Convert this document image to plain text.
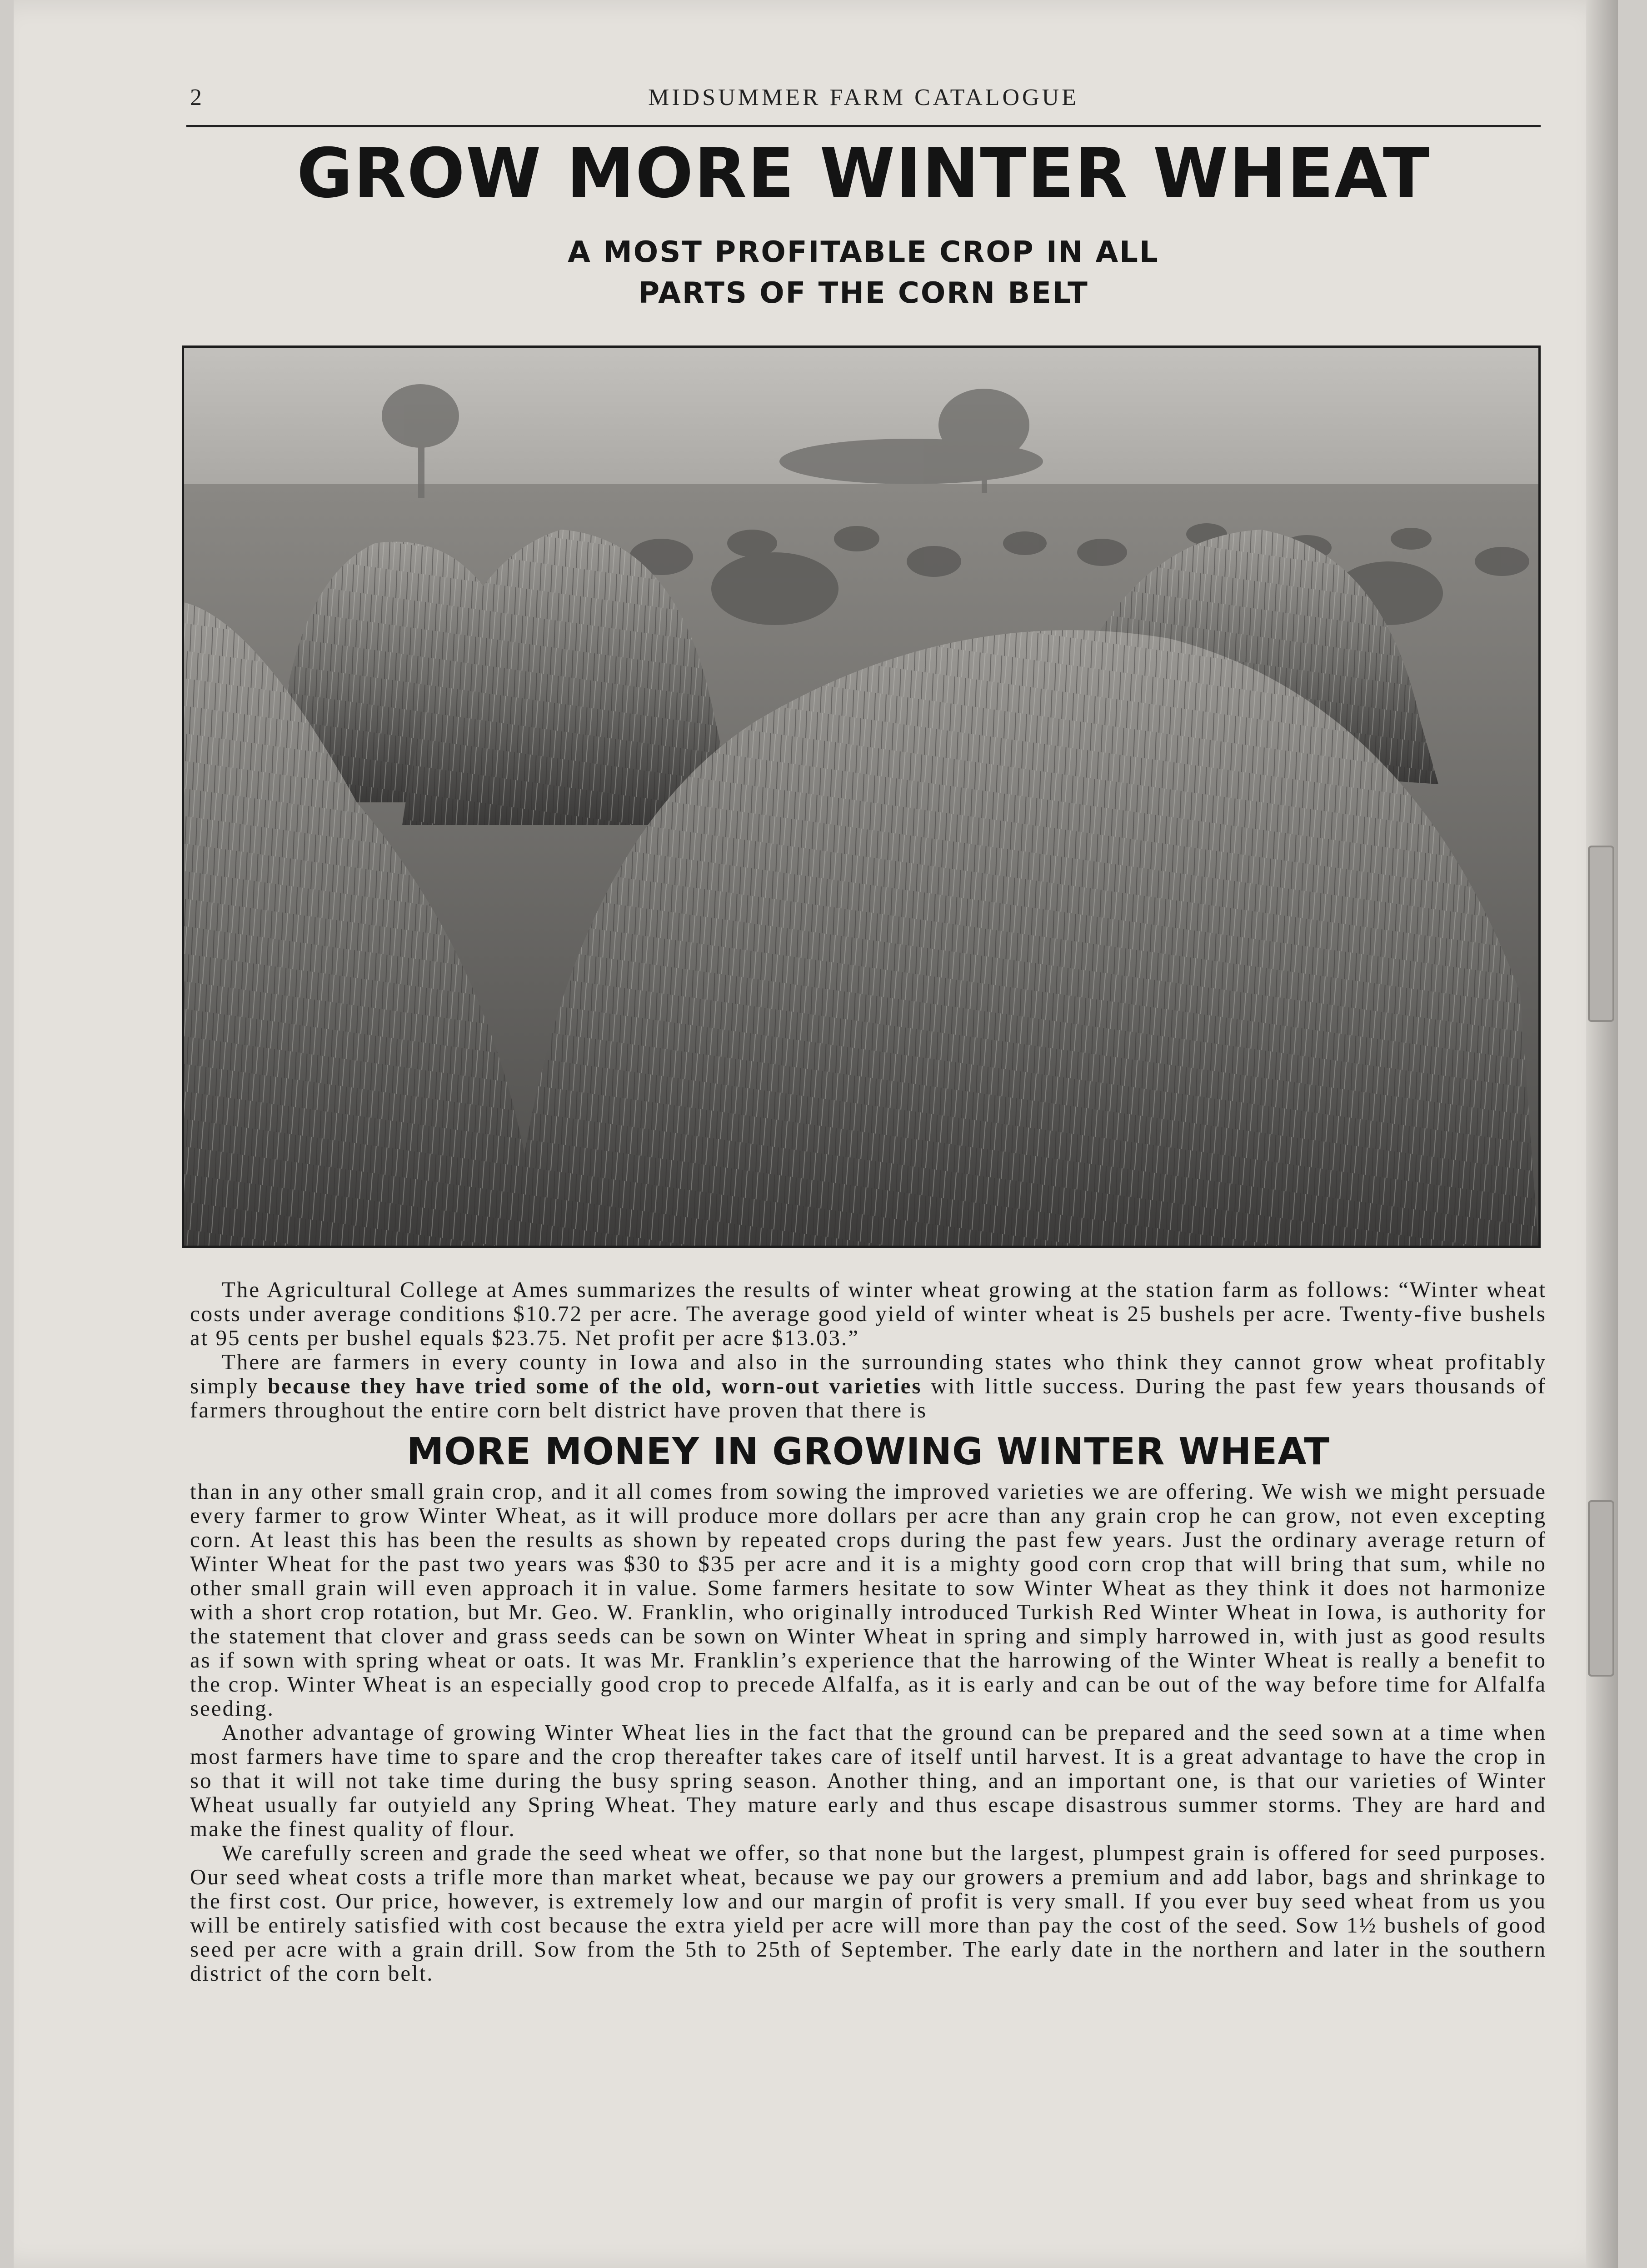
2	MIDSUMMER FARM CATALOGUE
GROW MORE WINTER WHEAT
A MOST PROFITABLE CROP IN ALL
PARTS OF THE CORN BELT

The Agricultural College at Ames summarizes the results of winter wheat growing at the station farm as follows: “Winter wheat costs under average conditions $10.72 per acre. The average good yield of winter wheat is 25 bushels per acre. Twenty-five bushels at 95 cents per bushel equals $23.75. Net profit per acre $13.03.”

There are farmers in every county in Iowa and also in the surrounding states who think they cannot grow wheat profitably simply because they have tried some of the old, worn-out varieties with little success. During the past few years thousands of farmers throughout the entire corn belt district have proven that there is

MORE MONEY IN GROWING WINTER WHEAT

than in any other small grain crop, and it all comes from sowing the improved varieties we are offering. We wish we might persuade every farmer to grow Winter Wheat, as it will produce more dollars per acre than any grain crop he can grow, not even excepting corn. At least this has been the results as shown by repeated crops during the past few years. Just the ordinary average return of Winter Wheat for the past two years was $30 to $35 per acre and it is a mighty good corn crop that will bring that sum, while no other small grain will even approach it in value. Some farmers hesitate to sow Winter Wheat as they think it does not harmonize with a short crop rotation, but Mr. Geo. W. Franklin, who originally introduced Turkish Red Winter Wheat in Iowa, is authority for the statement that clover and grass seeds can be sown on Winter Wheat in spring and simply harrowed in, with just as good results as if sown with spring wheat or oats. It was Mr. Franklin’s experience that the harrowing of the Winter Wheat is really a benefit to the crop. Winter Wheat is an especially good crop to precede Alfalfa, as it is early and can be out of the way before time for Alfalfa seeding.

Another advantage of growing Winter Wheat lies in the fact that the ground can be prepared and the seed sown at a time when most farmers have time to spare and the crop thereafter takes care of itself until harvest. It is a great advantage to have the crop in so that it will not take time during the busy spring season. Another thing, and an important one, is that our varieties of Winter Wheat usually far outyield any Spring Wheat. They mature early and thus escape disastrous summer storms. They are hard and make the finest quality of flour.

We carefully screen and grade the seed wheat we offer, so that none but the largest, plumpest grain is offered for seed purposes. Our seed wheat costs a trifle more than market wheat, because we pay our growers a premium and add labor, bags and shrinkage to the first cost. Our price, however, is extremely low and our margin of profit is very small. If you ever buy seed wheat from us you will be entirely satisfied with cost because the extra yield per acre will more than pay the cost of the seed. Sow 1½ bushels of good seed per acre with a grain drill. Sow from the 5th to 25th of September. The early date in the northern and later in the southern district of the corn belt.
